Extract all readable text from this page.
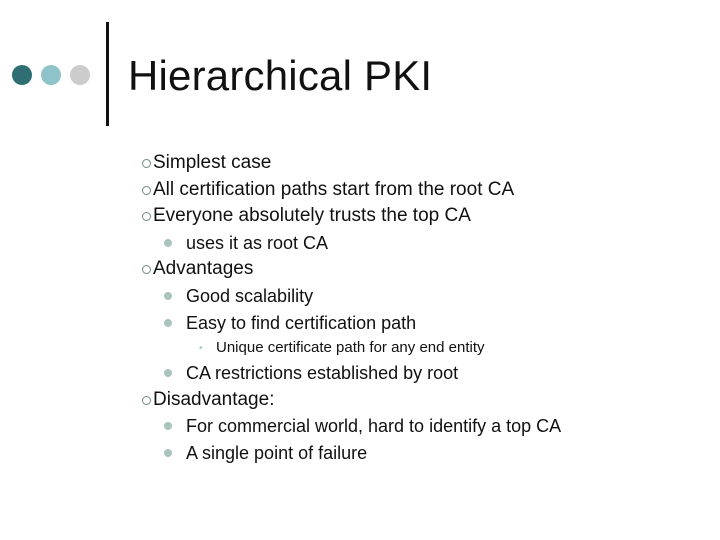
Hierarchical PKI
Simplest case
All certification paths start from the root CA
Everyone absolutely trusts the top CA
uses it as root CA
Advantages
Good scalability
Easy to find certification path
• Unique certificate path for any end entity
CA restrictions established by root
Disadvantage:
For commercial world, hard to identify a top CA
A single point of failure
